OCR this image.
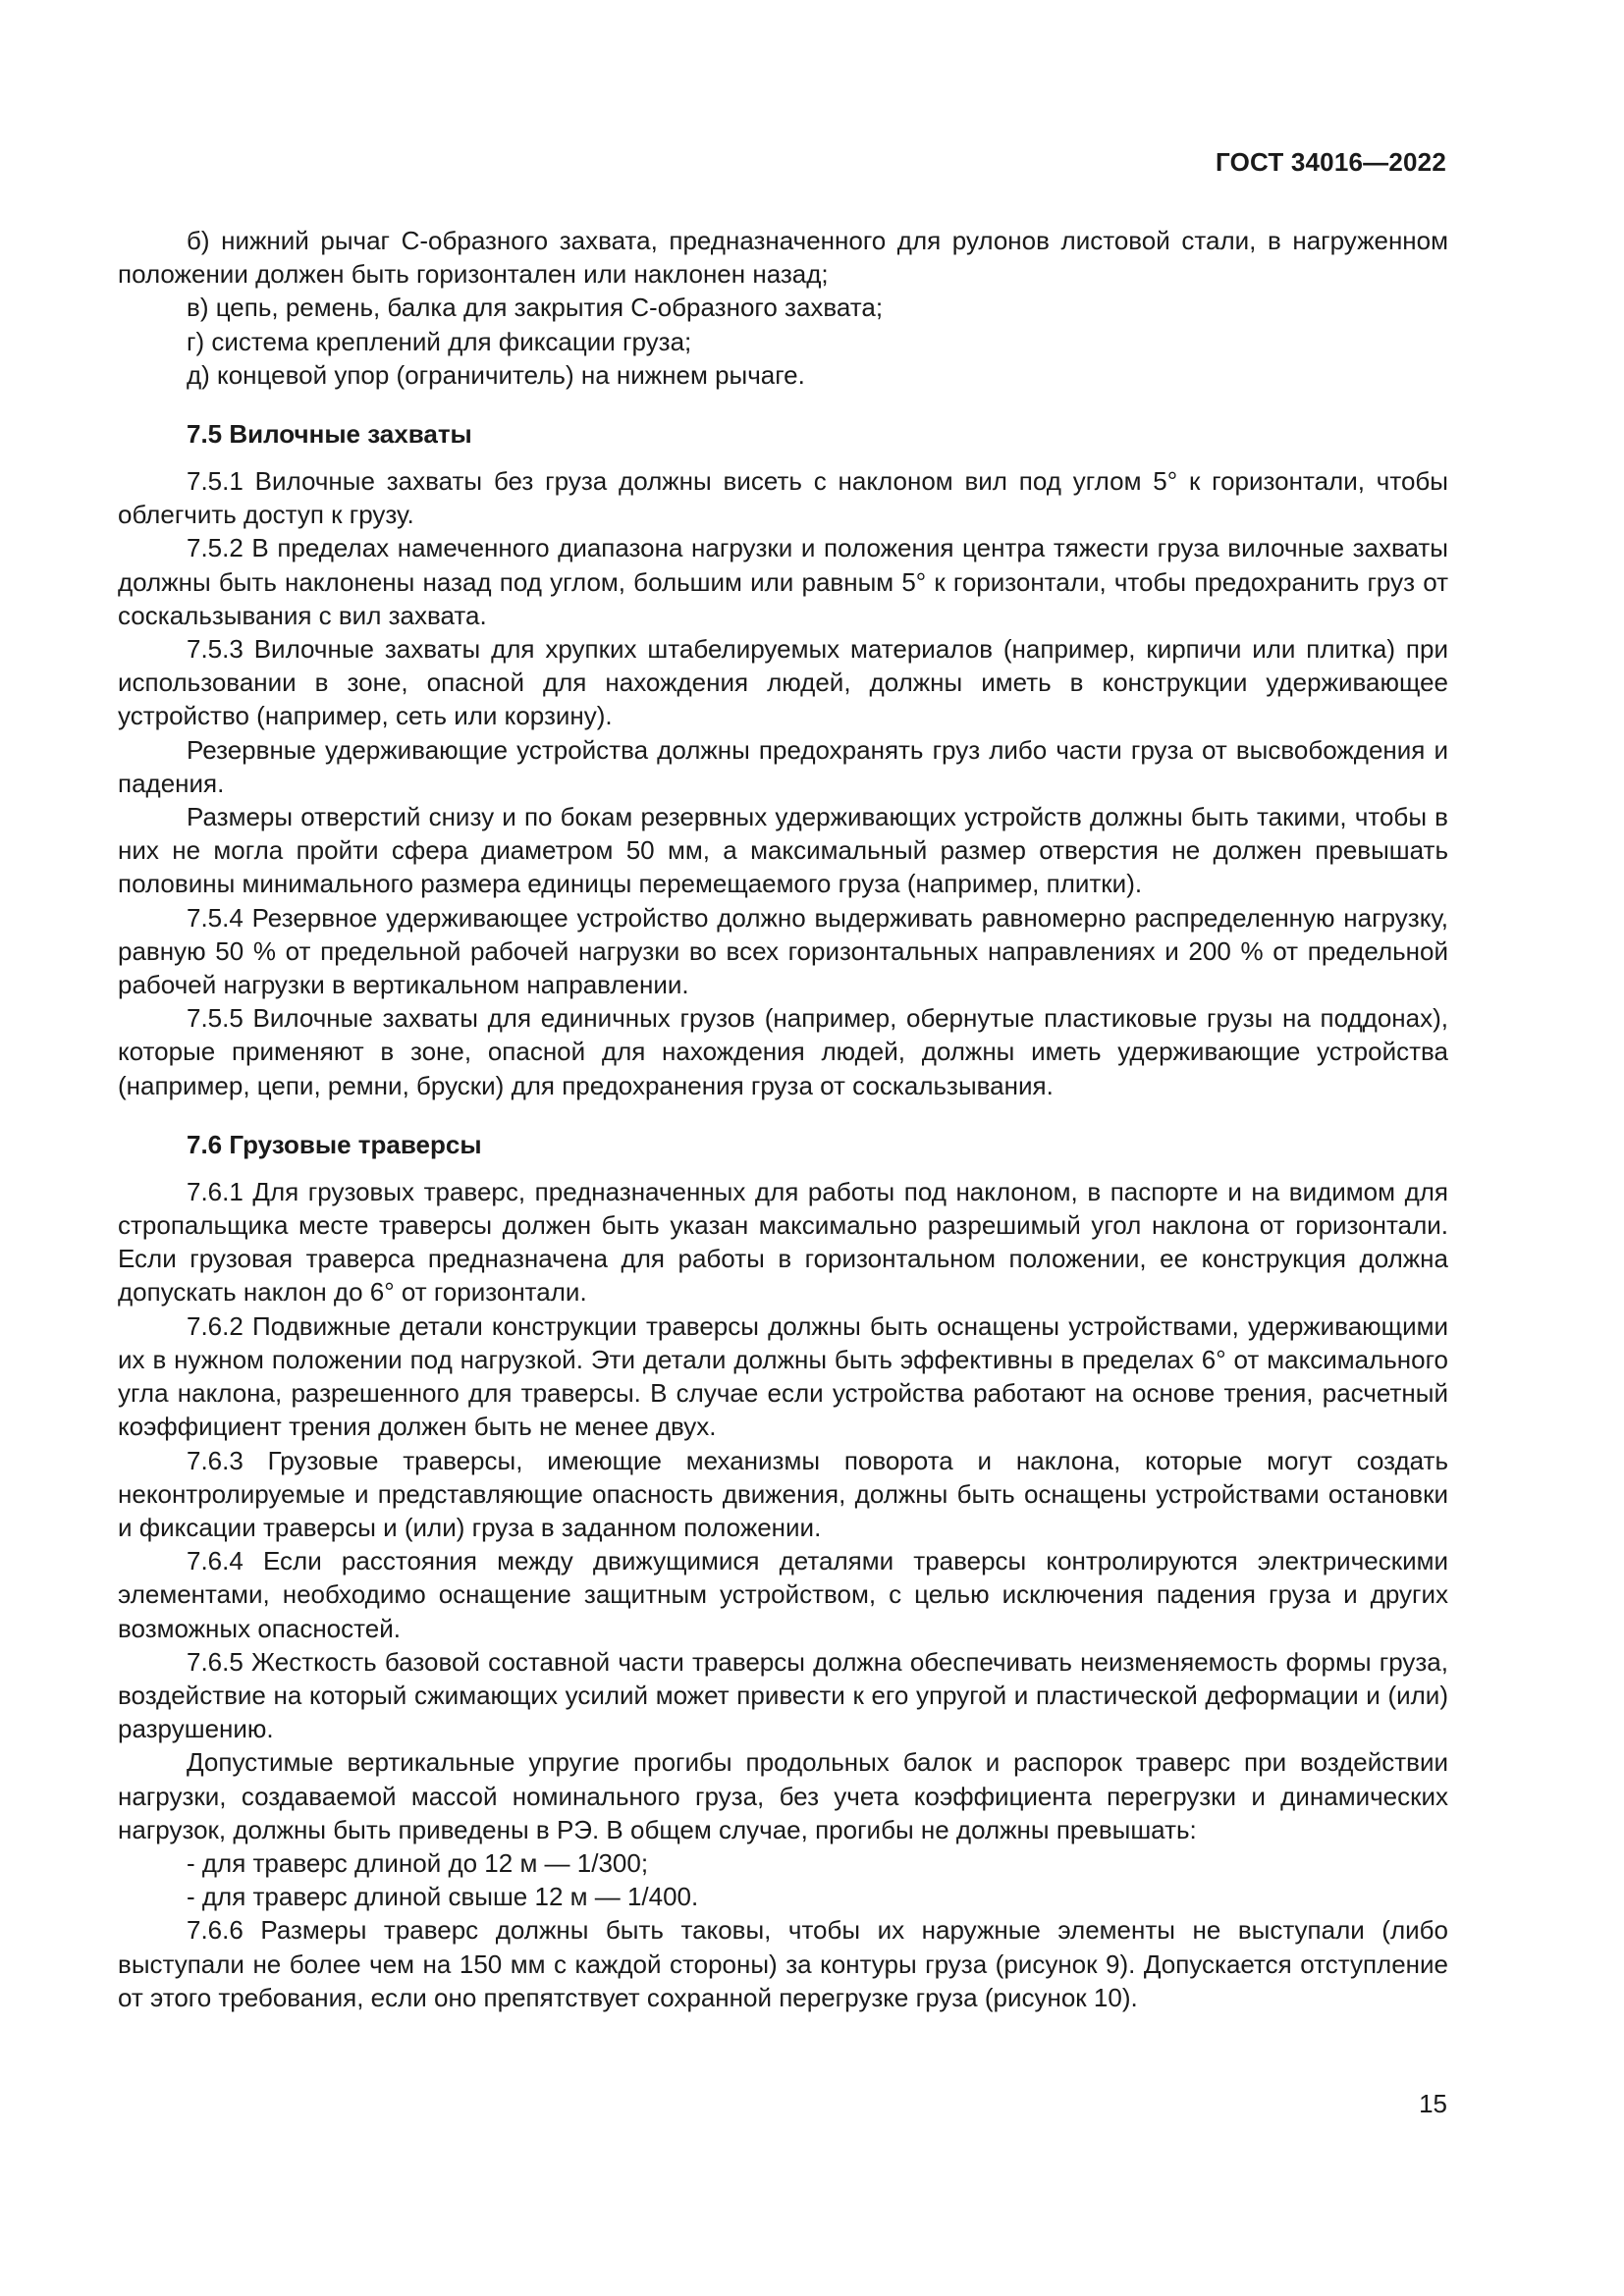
ГОСТ 34016—2022

б) нижний рычаг С-образного захвата, предназначенного для рулонов листовой стали, в нагруженном положении должен быть горизонтален или наклонен назад;

в) цепь, ремень, балка для закрытия С-образного захвата;

г) система креплений для фиксации груза;

д) концевой упор (ограничитель) на нижнем рычаге.

7.5 Вилочные захваты

7.5.1 Вилочные захваты без груза должны висеть с наклоном вил под углом 5° к горизонтали, чтобы облегчить доступ к грузу.

7.5.2 В пределах намеченного диапазона нагрузки и положения центра тяжести груза вилочные захваты должны быть наклонены назад под углом, большим или равным 5° к горизонтали, чтобы предохранить груз от соскальзывания с вил захвата.

7.5.3 Вилочные захваты для хрупких штабелируемых материалов (например, кирпичи или плитка) при использовании в зоне, опасной для нахождения людей, должны иметь в конструкции удерживающее устройство (например, сеть или корзину).

Резервные удерживающие устройства должны предохранять груз либо части груза от высвобождения и падения.

Размеры отверстий снизу и по бокам резервных удерживающих устройств должны быть такими, чтобы в них не могла пройти сфера диаметром 50 мм, а максимальный размер отверстия не должен превышать половины минимального размера единицы перемещаемого груза (например, плитки).

7.5.4 Резервное удерживающее устройство должно выдерживать равномерно распределенную нагрузку, равную 50 % от предельной рабочей нагрузки во всех горизонтальных направлениях и 200 % от предельной рабочей нагрузки в вертикальном направлении.

7.5.5 Вилочные захваты для единичных грузов (например, обернутые пластиковые грузы на поддонах), которые применяют в зоне, опасной для нахождения людей, должны иметь удерживающие устройства (например, цепи, ремни, бруски) для предохранения груза от соскальзывания.

7.6 Грузовые траверсы

7.6.1 Для грузовых траверс, предназначенных для работы под наклоном, в паспорте и на видимом для стропальщика месте траверсы должен быть указан максимально разрешимый угол наклона от горизонтали. Если грузовая траверса предназначена для работы в горизонтальном положении, ее конструкция должна допускать наклон до 6° от горизонтали.

7.6.2 Подвижные детали конструкции траверсы должны быть оснащены устройствами, удерживающими их в нужном положении под нагрузкой. Эти детали должны быть эффективны в пределах 6° от максимального угла наклона, разрешенного для траверсы. В случае если устройства работают на основе трения, расчетный коэффициент трения должен быть не менее двух.

7.6.3 Грузовые траверсы, имеющие механизмы поворота и наклона, которые могут создать неконтролируемые и представляющие опасность движения, должны быть оснащены устройствами остановки и фиксации траверсы и (или) груза в заданном положении.

7.6.4 Если расстояния между движущимися деталями траверсы контролируются электрическими элементами, необходимо оснащение защитным устройством, с целью исключения падения груза и других возможных опасностей.

7.6.5 Жесткость базовой составной части траверсы должна обеспечивать неизменяемость формы груза, воздействие на который сжимающих усилий может привести к его упругой и пластической деформации и (или) разрушению.

Допустимые вертикальные упругие прогибы продольных балок и распорок траверс при воздействии нагрузки, создаваемой массой номинального груза, без учета коэффициента перегрузки и динамических нагрузок, должны быть приведены в РЭ. В общем случае, прогибы не должны превышать:

- для траверс длиной до 12 м — 1/300;

- для траверс длиной свыше 12 м — 1/400.

7.6.6 Размеры траверс должны быть таковы, чтобы их наружные элементы не выступали (либо выступали не более чем на 150 мм с каждой стороны) за контуры груза (рисунок 9). Допускается отступление от этого требования, если оно препятствует сохранной перегрузке груза (рисунок 10).

15
